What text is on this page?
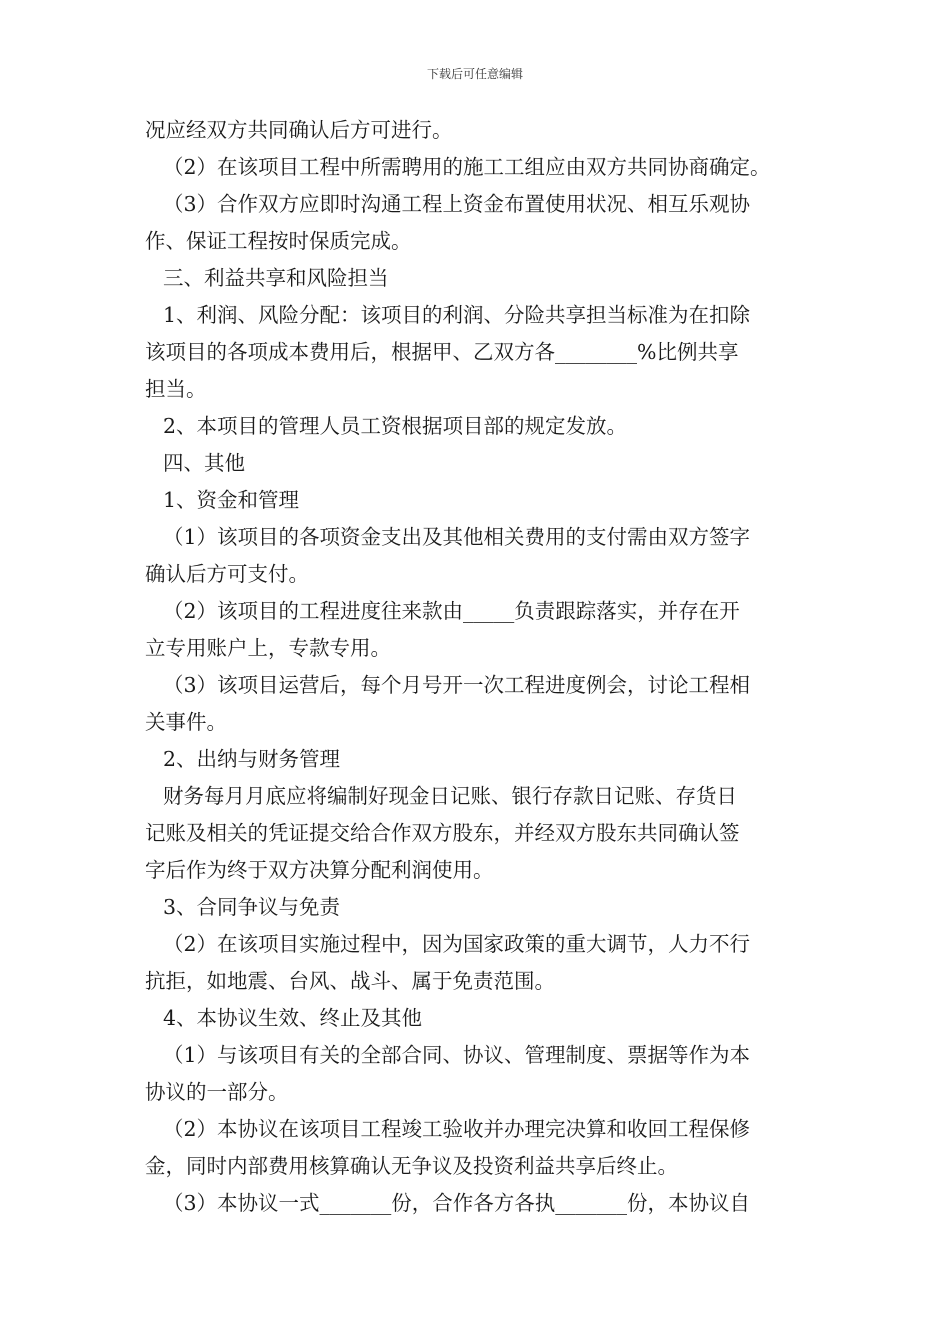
下载后可任意编辑
况应经双方共同确认后方可进行。
（2）在该项目工程中所需聘用的施工工组应由双方共同协商确定。
（3）合作双方应即时沟通工程上资金布置使用状况、相互乐观协
作、保证工程按时保质完成。
三、利益共享和风险担当
1、利润、风险分配：该项目的利润、分险共享担当标准为在扣除
该项目的各项成本费用后，根据甲、乙双方各________%比例共享
担当。
2、本项目的管理人员工资根据项目部的规定发放。
四、其他
1、资金和管理
（1）该项目的各项资金支出及其他相关费用的支付需由双方签字
确认后方可支付。
（2）该项目的工程进度往来款由_____负责跟踪落实，并存在开
立专用账户上，专款专用。
（3）该项目运营后，每个月号开一次工程进度例会，讨论工程相
关事件。
2、出纳与财务管理
财务每月月底应将编制好现金日记账、银行存款日记账、存货日
记账及相关的凭证提交给合作双方股东，并经双方股东共同确认签
字后作为终于双方决算分配利润使用。
3、合同争议与免责
（2）在该项目实施过程中，因为国家政策的重大调节，人力不行
抗拒，如地震、台风、战斗、属于免责范围。
4、本协议生效、终止及其他
（1）与该项目有关的全部合同、协议、管理制度、票据等作为本
协议的一部分。
（2）本协议在该项目工程竣工验收并办理完决算和收回工程保修
金，同时内部费用核算确认无争议及投资利益共享后终止。
（3）本协议一式_______份，合作各方各执_______份，本协议自
